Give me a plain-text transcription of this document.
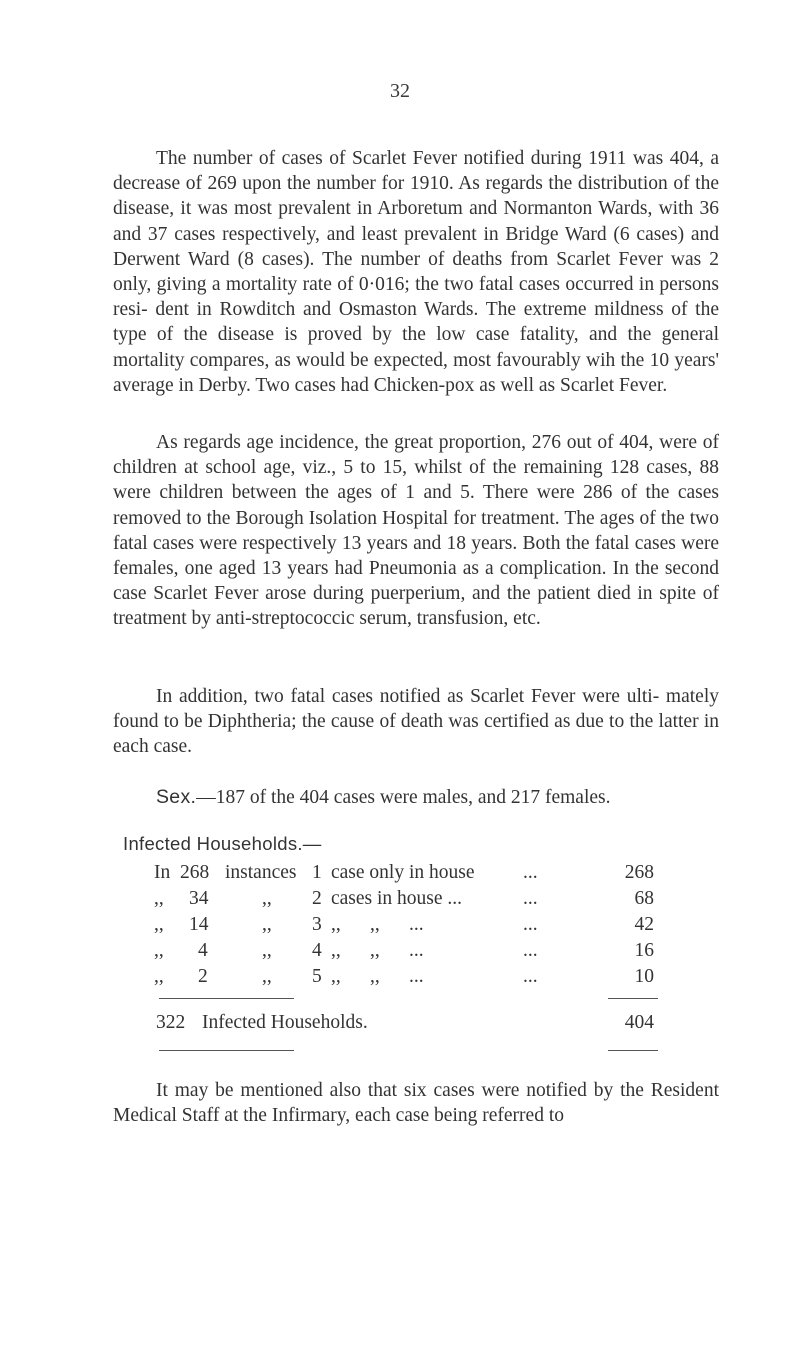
32

The number of cases of Scarlet Fever notified during 1911 was 404, a decrease of 269 upon the number for 1910. As regards the distribution of the disease, it was most prevalent in Arboretum and Normanton Wards, with 36 and 37 cases respectively, and least prevalent in Bridge Ward (6 cases) and Derwent Ward (8 cases). The number of deaths from Scarlet Fever was 2 only, giving a mortality rate of 0·016; the two fatal cases occurred in persons resi- dent in Rowditch and Osmaston Wards. The extreme mildness of the type of the disease is proved by the low case fatality, and the general mortality compares, as would be expected, most favourably wih the 10 years' average in Derby. Two cases had Chicken-pox as well as Scarlet Fever.

As regards age incidence, the great proportion, 276 out of 404, were of children at school age, viz., 5 to 15, whilst of the remaining 128 cases, 88 were children between the ages of 1 and 5. There were 286 of the cases removed to the Borough Isolation Hospital for treatment. The ages of the two fatal cases were respectively 13 years and 18 years. Both the fatal cases were females, one aged 13 years had Pneumonia as a complication. In the second case Scarlet Fever arose during puerperium, and the patient died in spite of treatment by anti-streptococcic serum, transfusion, etc.

In addition, two fatal cases notified as Scarlet Fever were ulti- mately found to be Diphtheria; the cause of death was certified as due to the latter in each case.

Sex.—187 of the 404 cases were males, and 217 females.

Infected Households.—

In 268 instances 1 case only in house ...	268
,,	34	,, 2 cases in house ...	...	68
,,	14	,, 3 ,,      ,,      ...	...	42
,,	4	,, 4 ,,      ,,      ...	...	16
,,	2	,, 5 ,,      ,,      ...	...	10
322 Infected Households.	404

It may be mentioned also that six cases were notified by the Resident Medical Staff at the Infirmary, each case being referred to
